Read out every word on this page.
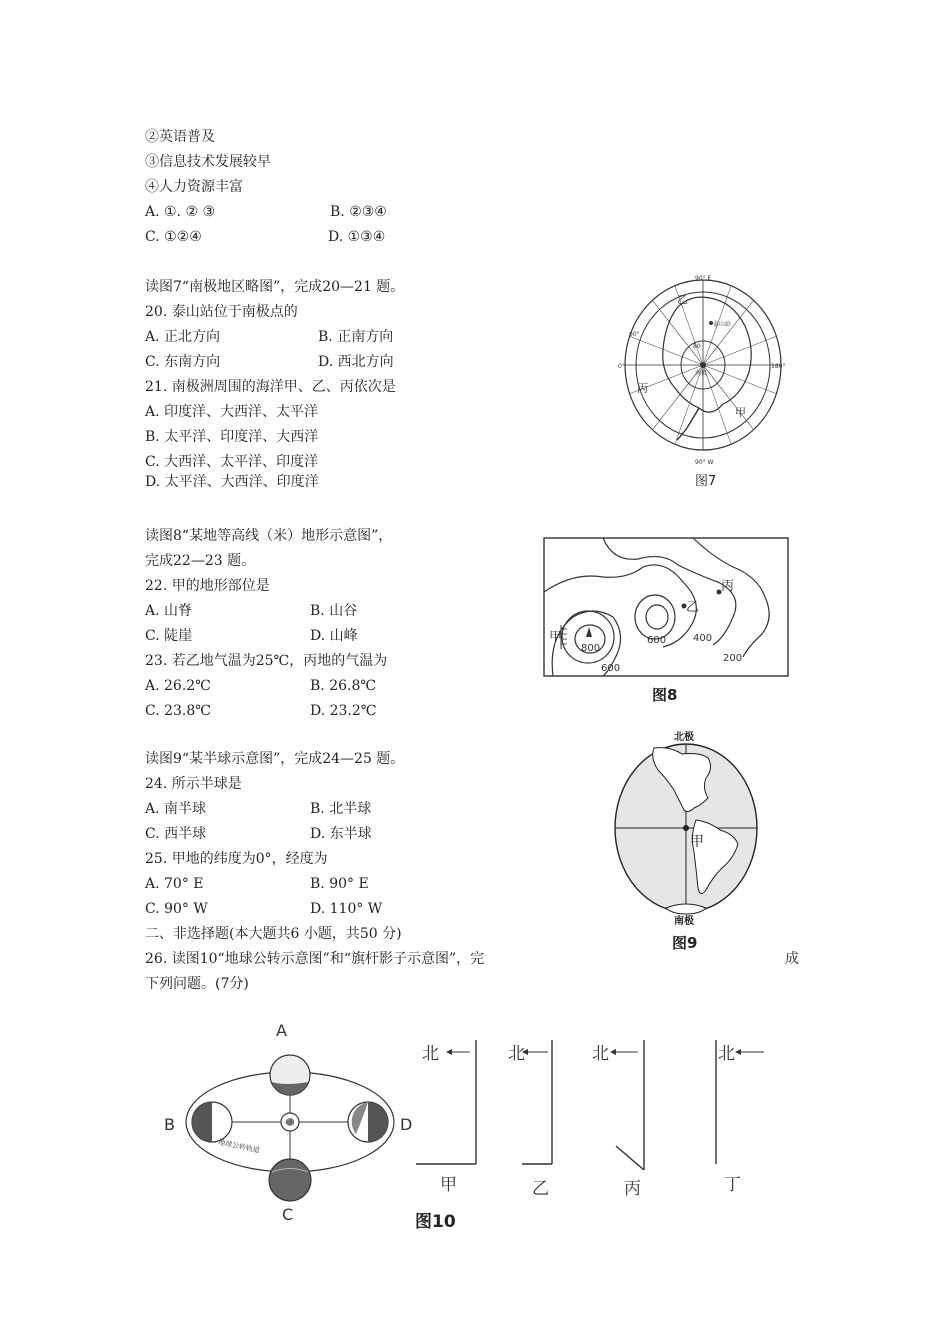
②英语普及
③信息技术发展较早
④人力资源丰富
A. ①. ② ③	B. ②③④
C. ①②④	D. ①③④
读图7“南极地区略图”，完成20—21 题。
20. 泰山站位于南极点的
A. 正北方向	B. 正南方向
C. 东南方向	D. 西北方向
21. 南极洲周围的海洋甲、乙、丙依次是
A. 印度洋、大西洋、太平洋
B. 太平洋、印度洋、大西洋
C. 大西洋、太平洋、印度洋
D. 太平洋、大西洋、印度洋
90° E
90° W
0°	180°
60°
80
泰山站
南极
甲
乙
丙
图7
读图8“某地等高线（米）地形示意图”，
完成22—23 题。
22. 甲的地形部位是
A. 山脊	B. 山谷
C. 陡崖	D. 山峰
23. 若乙地气温为25℃，丙地的气温为
A. 26.2℃	B. 26.8℃
C. 23.8℃	D. 23.2℃
800
600
600
400
200
甲
乙
丙
图8
读图9“某半球示意图”，完成24—25 题。
24. 所示半球是
A. 南半球	B. 北半球
C. 西半球	D. 东半球
25. 甲地的纬度为0°，经度为
A. 70° E	B. 90° E
C. 90° W	D. 110° W
北极
南极
甲
图9
二、非选择题(本大题共6 小题，共50 分)
26. 读图10“地球公转示意图”和“旗杆影子示意图”，完	成
下列问题。(7分)
A
B
C
D
太阳
地球公转轨道
北
甲
北
乙
北
丙
北
丁
图10
